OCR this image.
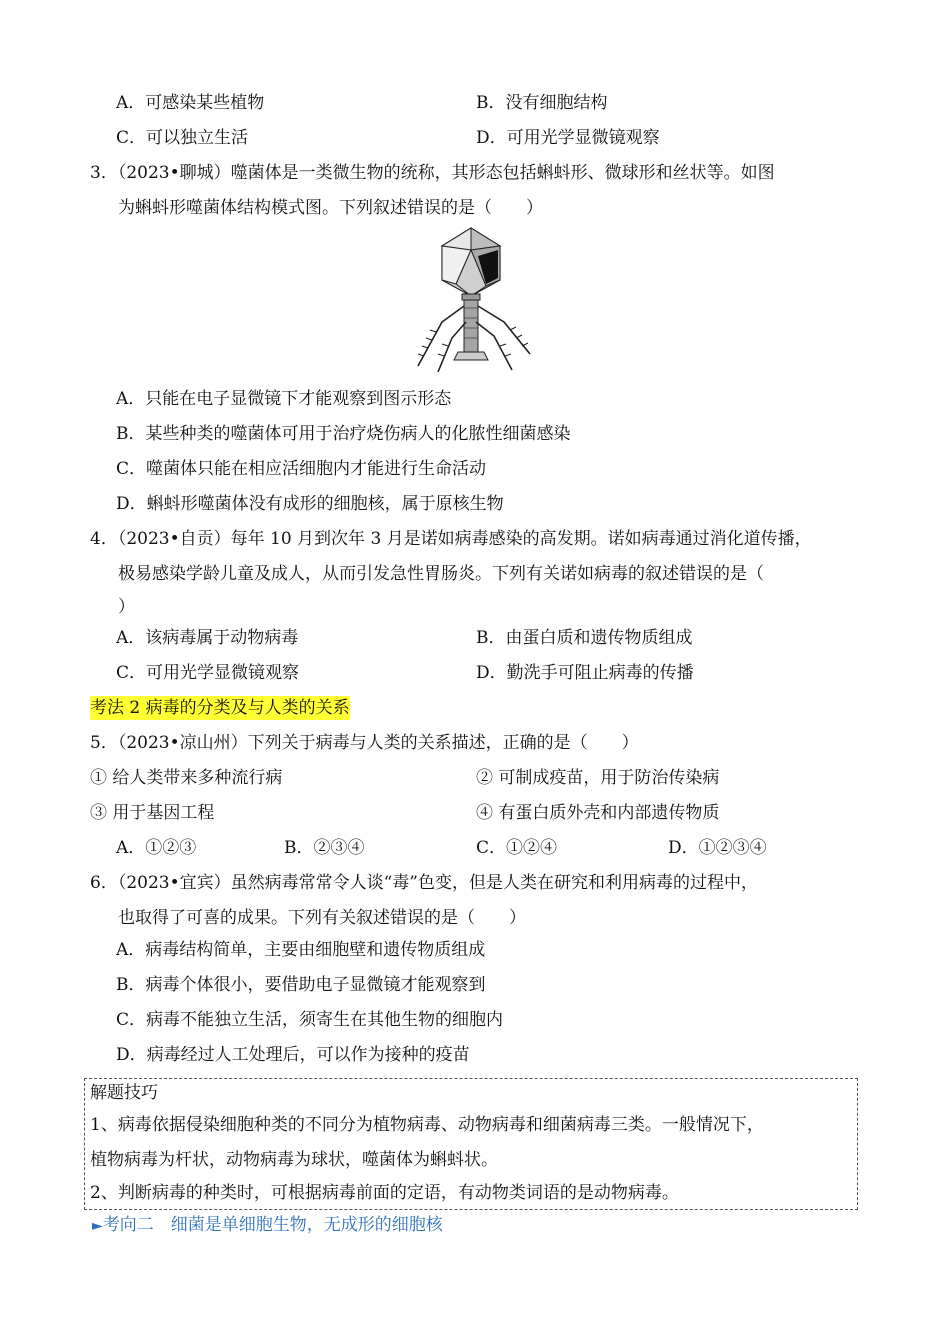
A．可感染某些植物	B．没有细胞结构
C．可以独立生活	D．可用光学显微镜观察
3．（2023•聊城）噬菌体是一类微生物的统称，其形态包括蝌蚪形、微球形和丝状等。如图
为蝌蚪形噬菌体结构模式图。下列叙述错误的是（　　）
A．只能在电子显微镜下才能观察到图示形态
B．某些种类的噬菌体可用于治疗烧伤病人的化脓性细菌感染
C．噬菌体只能在相应活细胞内才能进行生命活动
D．蝌蚪形噬菌体没有成形的细胞核，属于原核生物
4．（2023•自贡）每年 10 月到次年 3 月是诺如病毒感染的高发期。诺如病毒通过消化道传播，
极易感染学龄儿童及成人，从而引发急性胃肠炎。下列有关诺如病毒的叙述错误的是（
）
A．该病毒属于动物病毒	B．由蛋白质和遗传物质组成
C．可用光学显微镜观察	D．勤洗手可阻止病毒的传播
考法 2 病毒的分类及与人类的关系
5．（2023•凉山州）下列关于病毒与人类的关系描述，正确的是（　　）
① 给人类带来多种流行病	② 可制成疫苗，用于防治传染病
③ 用于基因工程	④ 有蛋白质外壳和内部遗传物质
A．①②③	B．②③④	C．①②④	D．①②③④
6．（2023•宜宾）虽然病毒常常令人谈“毒”色变，但是人类在研究和利用病毒的过程中，
也取得了可喜的成果。下列有关叙述错误的是（　　）
A．病毒结构简单，主要由细胞壁和遗传物质组成
B．病毒个体很小，要借助电子显微镜才能观察到
C．病毒不能独立生活，须寄生在其他生物的细胞内
D．病毒经过人工处理后，可以作为接种的疫苗
解题技巧
1、病毒依据侵染细胞种类的不同分为植物病毒、动物病毒和细菌病毒三类。一般情况下，
植物病毒为杆状，动物病毒为球状，噬菌体为蝌蚪状。
2、判断病毒的种类时，可根据病毒前面的定语，有动物类词语的是动物病毒。
►考向二　细菌是单细胞生物，无成形的细胞核
